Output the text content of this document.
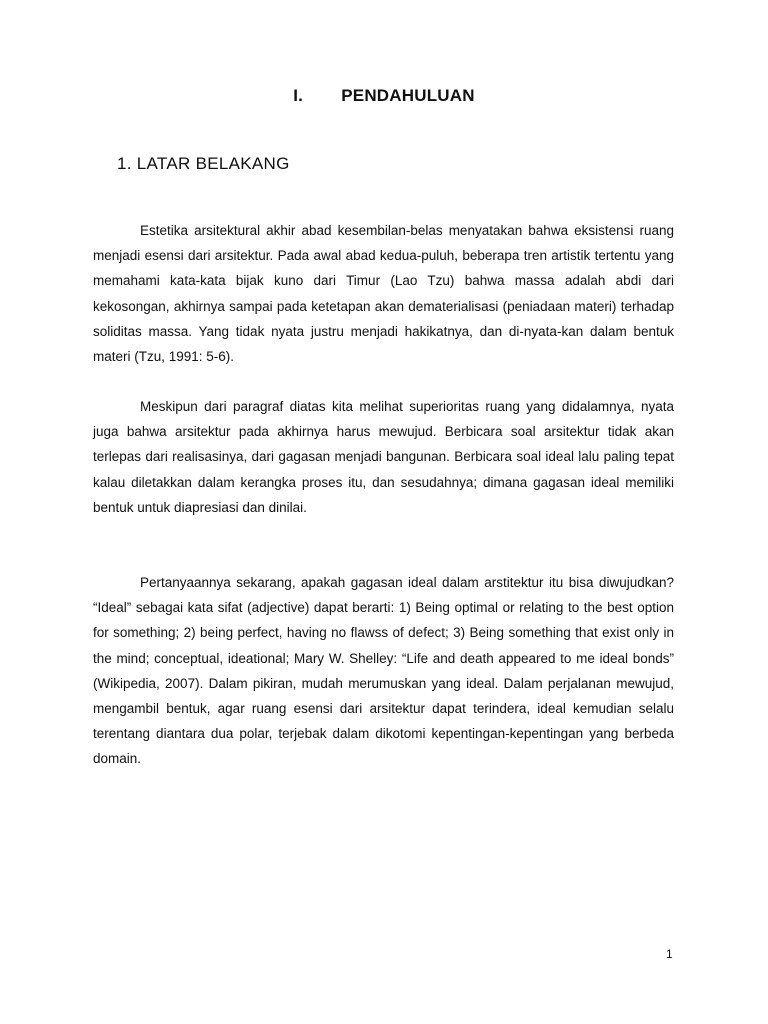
I. PENDAHULUAN
1. LATAR BELAKANG

Estetika arsitektural akhir abad kesembilan-belas menyatakan bahwa eksistensi ruang menjadi esensi dari arsitektur. Pada awal abad kedua-puluh, beberapa tren artistik tertentu yang memahami kata-kata bijak kuno dari Timur (Lao Tzu) bahwa massa adalah abdi dari kekosongan, akhirnya sampai pada ketetapan akan dematerialisasi (peniadaan materi) terhadap soliditas massa. Yang tidak nyata justru menjadi hakikatnya, dan di-nyata-kan dalam bentuk materi (Tzu, 1991: 5-6).

Meskipun dari paragraf diatas kita melihat superioritas ruang yang didalamnya, nyata juga bahwa arsitektur pada akhirnya harus mewujud. Berbicara soal arsitektur tidak akan terlepas dari realisasinya, dari gagasan menjadi bangunan. Berbicara soal ideal lalu paling tepat kalau diletakkan dalam kerangka proses itu, dan sesudahnya; dimana gagasan ideal memiliki bentuk untuk diapresiasi dan dinilai.

Pertanyaannya sekarang, apakah gagasan ideal dalam arstitektur itu bisa diwujudkan? “Ideal” sebagai kata sifat (adjective) dapat berarti: 1) Being optimal or relating to the best option for something; 2) being perfect, having no flawss of defect; 3) Being something that exist only in the mind; conceptual, ideational; Mary W. Shelley: “Life and death appeared to me ideal bonds” (Wikipedia, 2007). Dalam pikiran, mudah merumuskan yang ideal. Dalam perjalanan mewujud, mengambil bentuk, agar ruang esensi dari arsitektur dapat terindera, ideal kemudian selalu terentang diantara dua polar, terjebak dalam dikotomi kepentingan-kepentingan yang berbeda domain.

1
